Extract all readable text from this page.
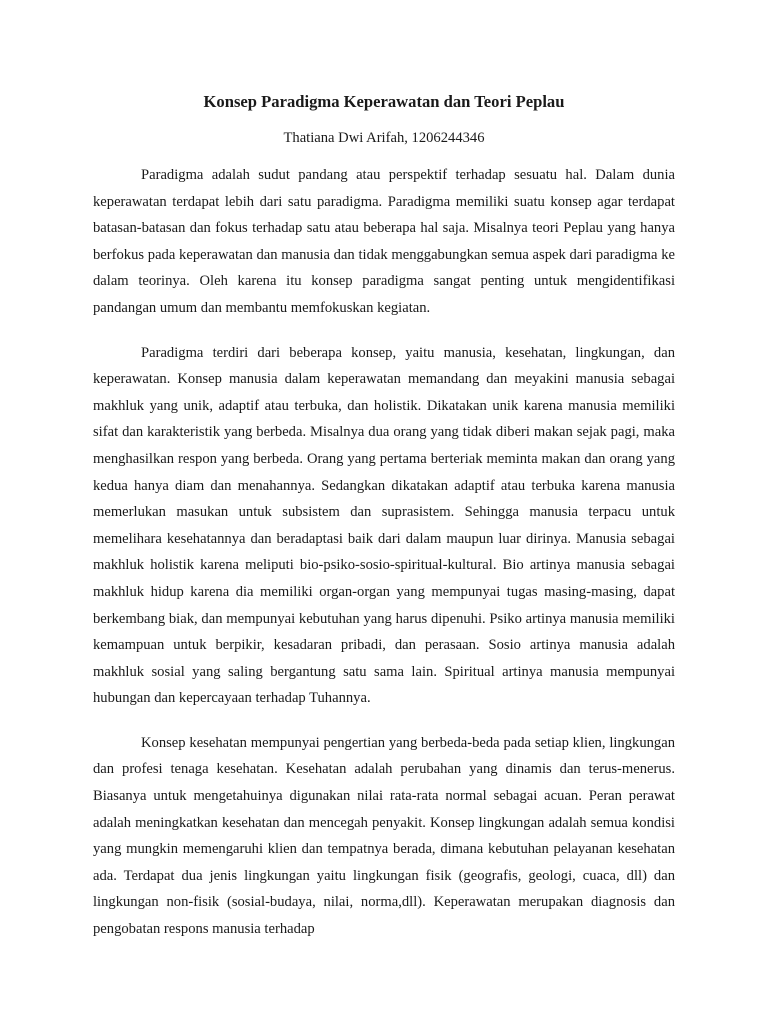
Konsep Paradigma Keperawatan dan Teori Peplau
Thatiana Dwi Arifah, 1206244346

Paradigma adalah sudut pandang atau perspektif terhadap sesuatu hal. Dalam dunia keperawatan terdapat lebih dari satu paradigma. Paradigma memiliki suatu konsep agar terdapat batasan-batasan dan fokus terhadap satu atau beberapa hal saja. Misalnya teori Peplau yang hanya berfokus pada keperawatan dan manusia dan tidak menggabungkan semua aspek dari paradigma ke dalam teorinya. Oleh karena itu konsep paradigma sangat penting untuk mengidentifikasi pandangan umum dan membantu memfokuskan kegiatan.

Paradigma terdiri dari beberapa konsep, yaitu manusia, kesehatan, lingkungan, dan keperawatan. Konsep manusia dalam keperawatan memandang dan meyakini manusia sebagai makhluk yang unik, adaptif atau terbuka, dan holistik. Dikatakan unik karena manusia memiliki sifat dan karakteristik yang berbeda. Misalnya dua orang yang tidak diberi makan sejak pagi, maka menghasilkan respon yang berbeda. Orang yang pertama berteriak meminta makan dan orang yang kedua hanya diam dan menahannya. Sedangkan dikatakan adaptif atau terbuka karena manusia memerlukan masukan untuk subsistem dan suprasistem. Sehingga manusia terpacu untuk memelihara kesehatannya dan beradaptasi baik dari dalam maupun luar dirinya. Manusia sebagai makhluk holistik karena meliputi bio-psiko-sosio-spiritual-kultural. Bio artinya manusia sebagai makhluk hidup karena dia memiliki organ-organ yang mempunyai tugas masing-masing, dapat berkembang biak, dan mempunyai kebutuhan yang harus dipenuhi. Psiko artinya manusia memiliki kemampuan untuk berpikir, kesadaran pribadi, dan perasaan. Sosio artinya manusia adalah makhluk sosial yang saling bergantung satu sama lain. Spiritual artinya manusia mempunyai hubungan dan kepercayaan terhadap Tuhannya.

Konsep kesehatan mempunyai pengertian yang berbeda-beda pada setiap klien, lingkungan dan profesi tenaga kesehatan. Kesehatan adalah perubahan yang dinamis dan terus-menerus. Biasanya untuk mengetahuinya digunakan nilai rata-rata normal sebagai acuan. Peran perawat adalah meningkatkan kesehatan dan mencegah penyakit. Konsep lingkungan adalah semua kondisi yang mungkin memengaruhi klien dan tempatnya berada, dimana kebutuhan pelayanan kesehatan ada. Terdapat dua jenis lingkungan yaitu lingkungan fisik (geografis, geologi, cuaca, dll) dan lingkungan non-fisik (sosial-budaya, nilai, norma,dll). Keperawatan merupakan diagnosis dan pengobatan respons manusia terhadap
